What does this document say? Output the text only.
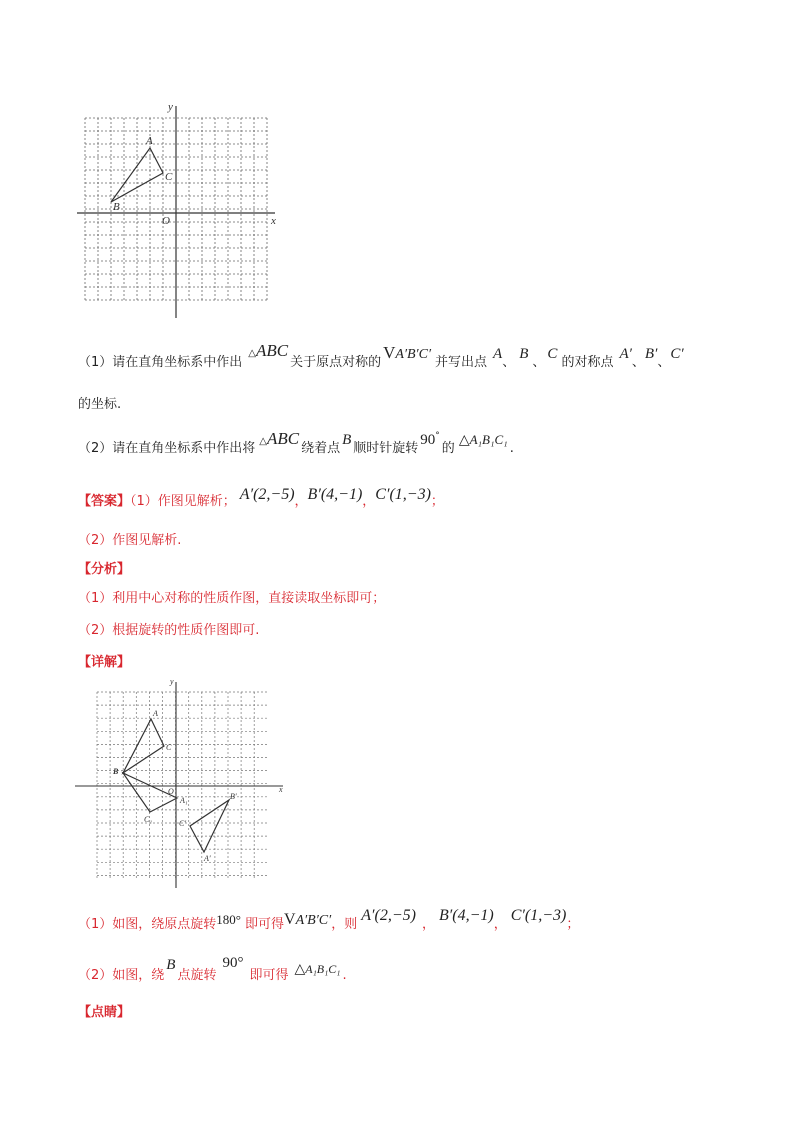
x
y
O
A
B
C
（1）请在直角坐标系中作出△ABC关于原点对称的VA′B′C′并写出点A、B、C的对称点A′、B′、C′
的坐标.
（2）请在直角坐标系中作出将 △ABC绕着点B顺时针旋转90°的△A₁B₁C₁.
【答案】（1）作图见解析； A′(2,−5)，B′(4,−1)，C′(1,−3)；
（2）作图见解析.
【分析】
（1）利用中心对称的性质作图，直接读取坐标即可；
（2）根据旋转的性质作图即可.
【详解】
x
y
O
A
B
C
C₁
A₁
A′
B′
C′
（1）如图，绕原点旋转180° 即可得VA′B′C′，则A′(2,−5)，B′(4,−1)，C′(1,−3)；
（2）如图，绕B点旋转90°即可得 △A₁B₁C₁ .
【点睛】
